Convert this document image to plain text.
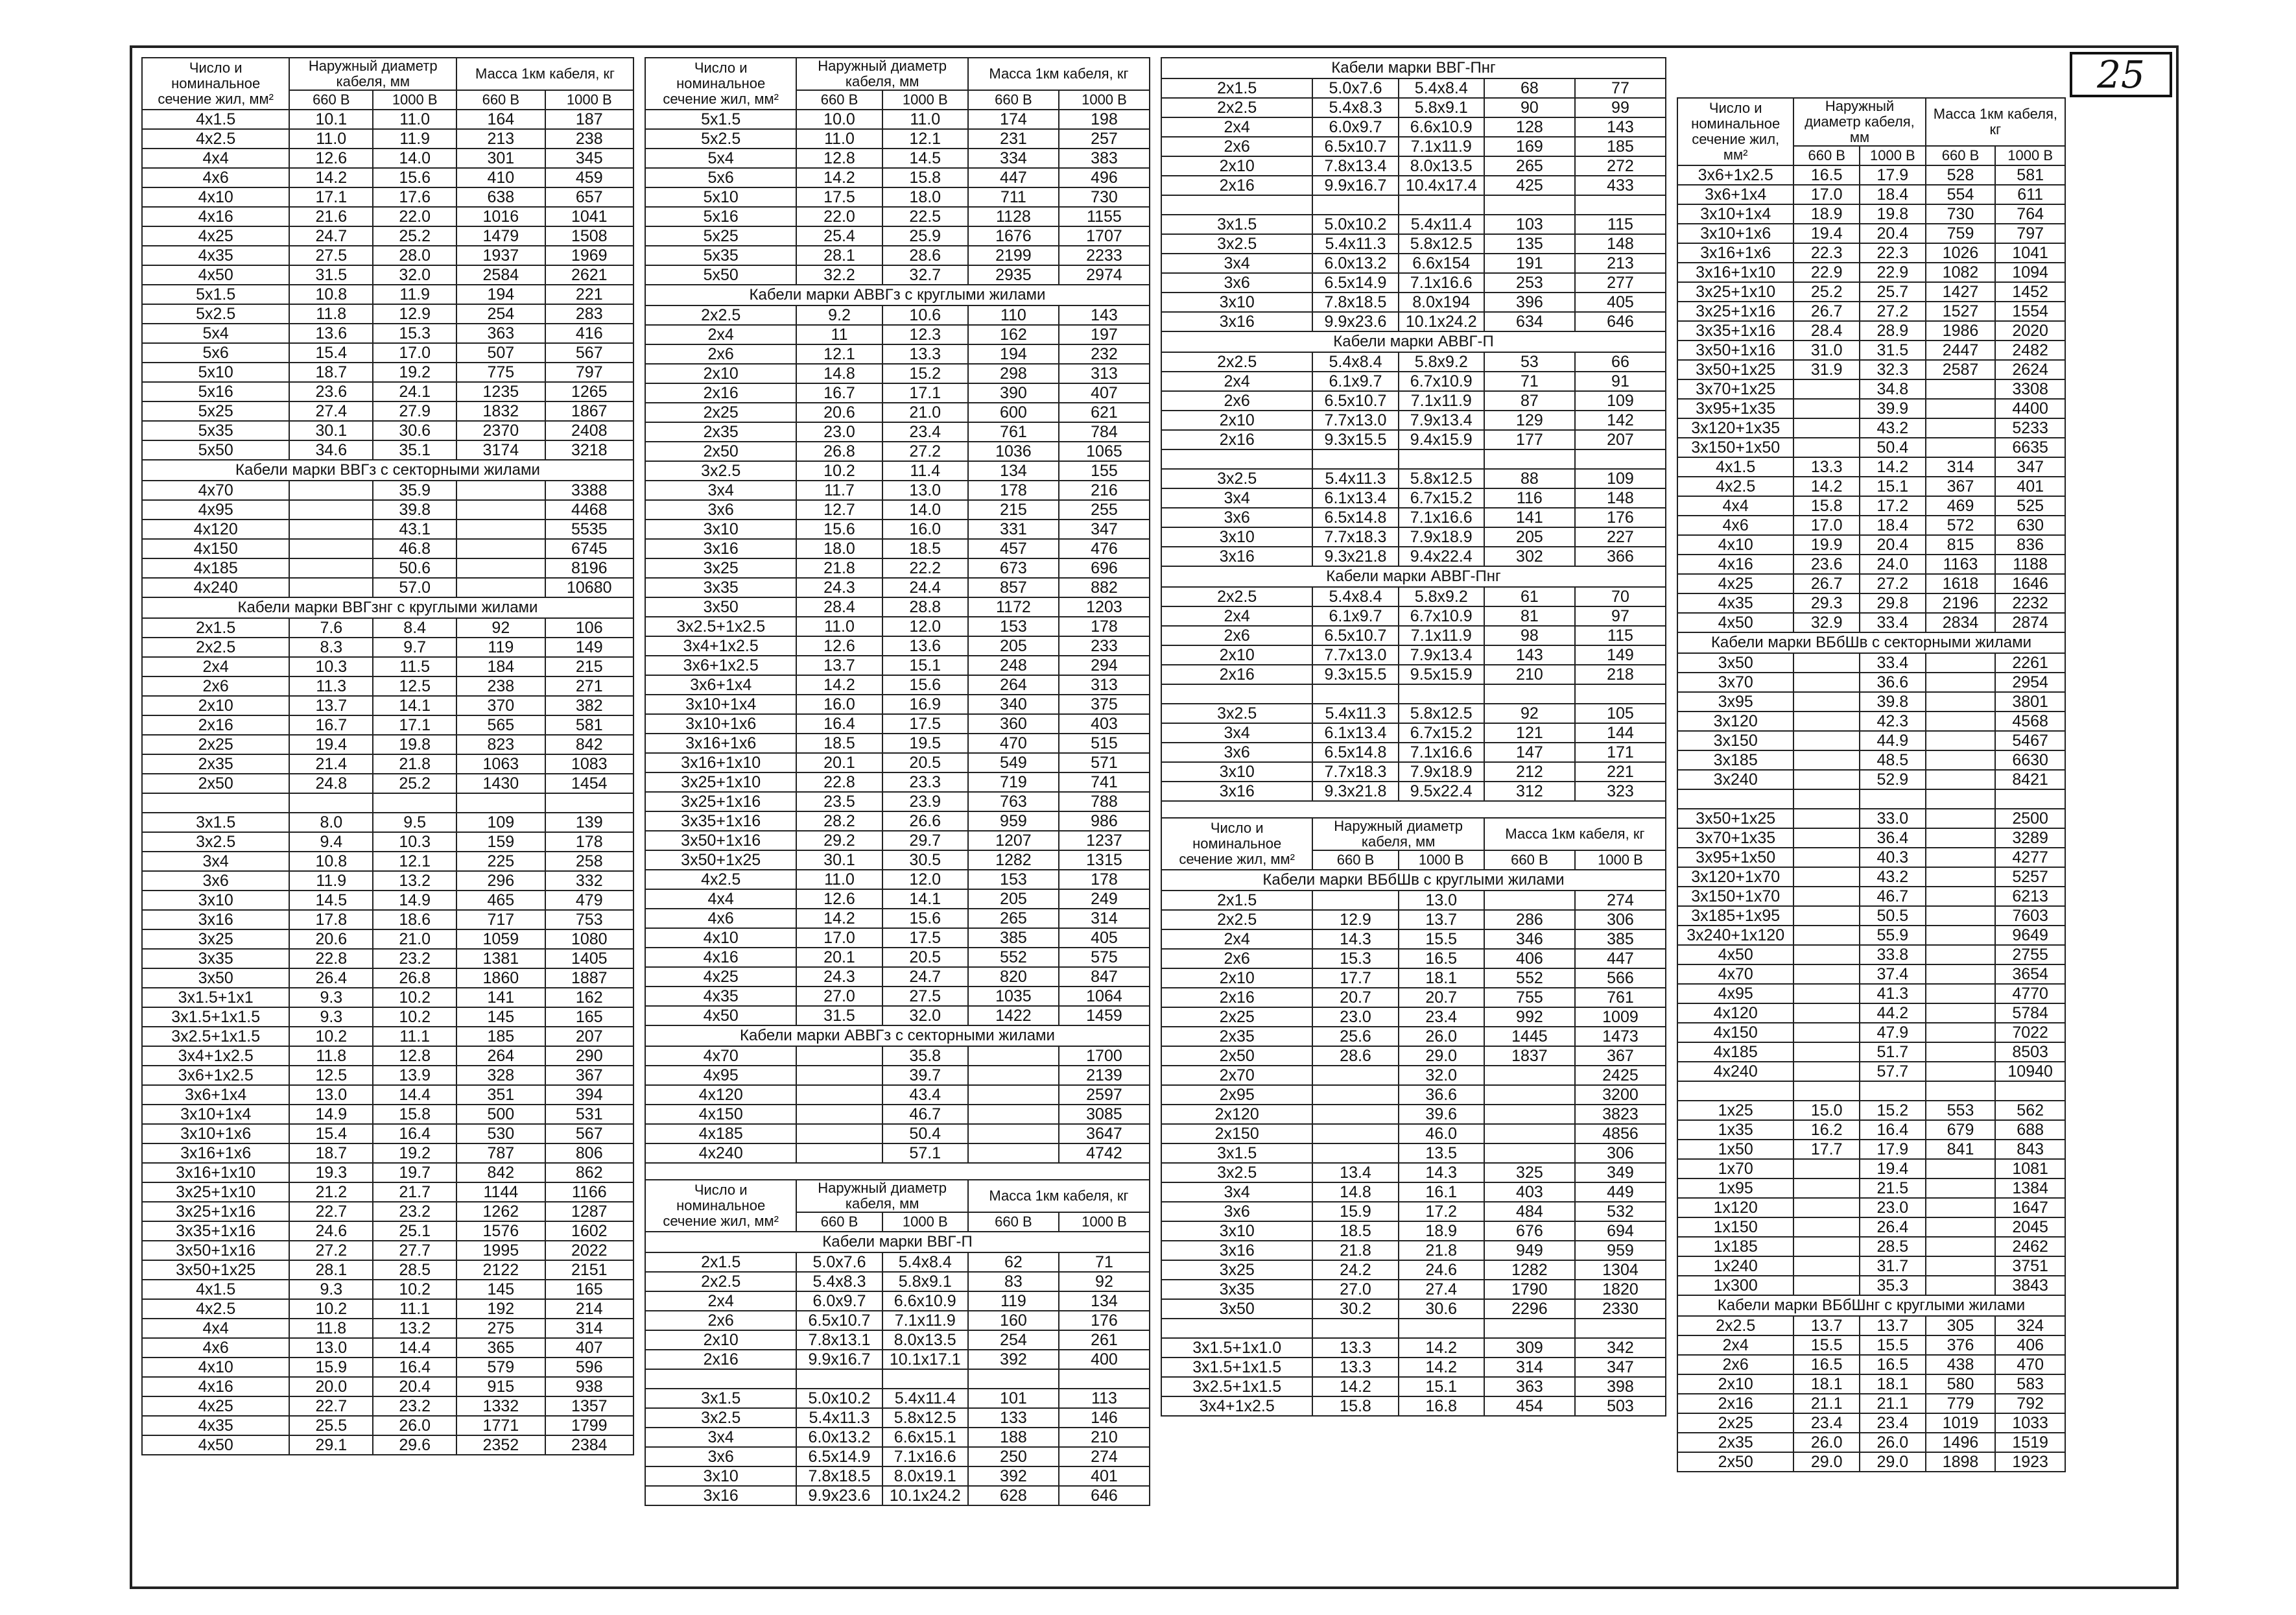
25
Число и номинальное сечение жил, мм²	Наружный диаметр кабеля, мм		Масса 1км кабеля, кг	
	660 В	1000 В	660 В	1000 В
4x1.5	10.1	11.0	164	187
4x2.5	11.0	11.9	213	238
4x4	12.6	14.0	301	345
4x6	14.2	15.6	410	459
4x10	17.1	17.6	638	657
4x16	21.6	22.0	1016	1041
4x25	24.7	25.2	1479	1508
4x35	27.5	28.0	1937	1969
4x50	31.5	32.0	2584	2621
5x1.5	10.8	11.9	194	221
5x2.5	11.8	12.9	254	283
5x4	13.6	15.3	363	416
5x6	15.4	17.0	507	567
5x10	18.7	19.2	775	797
5x16	23.6	24.1	1235	1265
5x25	27.4	27.9	1832	1867
5x35	30.1	30.6	2370	2408
5x50	34.6	35.1	3174	3218
Кабели марки ВВГз с секторными жилами				
4x70		35.9		3388
4x95		39.8		4468
4x120		43.1		5535
4x150		46.8		6745
4x185		50.6		8196
4x240		57.0		10680
Кабели марки ВВГзнг с круглыми жилами				
2x1.5	7.6	8.4	92	106
2x2.5	8.3	9.7	119	149
2x4	10.3	11.5	184	215
2x6	11.3	12.5	238	271
2x10	13.7	14.1	370	382
2x16	16.7	17.1	565	581
2x25	19.4	19.8	823	842
2x35	21.4	21.8	1063	1083
2x50	24.8	25.2	1430	1454

3x1.5	8.0	9.5	109	139
3x2.5	9.4	10.3	159	178
3x4	10.8	12.1	225	258
3x6	11.9	13.2	296	332
3x10	14.5	14.9	465	479
3x16	17.8	18.6	717	753
3x25	20.6	21.0	1059	1080
3x35	22.8	23.2	1381	1405
3x50	26.4	26.8	1860	1887
3x1.5+1x1	9.3	10.2	141	162
3x1.5+1x1.5	9.3	10.2	145	165
3x2.5+1x1.5	10.2	11.1	185	207
3x4+1x2.5	11.8	12.8	264	290
3x6+1x2.5	12.5	13.9	328	367
3x6+1x4	13.0	14.4	351	394
3x10+1x4	14.9	15.8	500	531
3x10+1x6	15.4	16.4	530	567
3x16+1x6	18.7	19.2	787	806
3x16+1x10	19.3	19.7	842	862
3x25+1x10	21.2	21.7	1144	1166
3x25+1x16	22.7	23.2	1262	1287
3x35+1x16	24.6	25.1	1576	1602
3x50+1x16	27.2	27.7	1995	2022
3x50+1x25	28.1	28.5	2122	2151
4x1.5	9.3	10.2	145	165
4x2.5	10.2	11.1	192	214
4x4	11.8	13.2	275	314
4x6	13.0	14.4	365	407
4x10	15.9	16.4	579	596
4x16	20.0	20.4	915	938
4x25	22.7	23.2	1332	1357
4x35	25.5	26.0	1771	1799
4x50	29.1	29.6	2352	2384
Число и номинальное сечение жил, мм²	Наружный диаметр кабеля, мм		Масса 1км кабеля, кг	
	660 В	1000 В	660 В	1000 В
5x1.5	10.0	11.0	174	198
5x2.5	11.0	12.1	231	257
5x4	12.8	14.5	334	383
5x6	14.2	15.8	447	496
5x10	17.5	18.0	711	730
5x16	22.0	22.5	1128	1155
5x25	25.4	25.9	1676	1707
5x35	28.1	28.6	2199	2233
5x50	32.2	32.7	2935	2974
Кабели марки АВВГз с круглыми жилами				
2x2.5	9.2	10.6	110	143
2x4	11	12.3	162	197
2x6	12.1	13.3	194	232
2x10	14.8	15.2	298	313
2x16	16.7	17.1	390	407
2x25	20.6	21.0	600	621
2x35	23.0	23.4	761	784
2x50	26.8	27.2	1036	1065
3x2.5	10.2	11.4	134	155
3x4	11.7	13.0	178	216
3x6	12.7	14.0	215	255
3x10	15.6	16.0	331	347
3x16	18.0	18.5	457	476
3x25	21.8	22.2	673	696
3x35	24.3	24.4	857	882
3x50	28.4	28.8	1172	1203
3x2.5+1x2.5	11.0	12.0	153	178
3x4+1x2.5	12.6	13.6	205	233
3x6+1x2.5	13.7	15.1	248	294
3x6+1x4	14.2	15.6	264	313
3x10+1x4	16.0	16.9	340	375
3x10+1x6	16.4	17.5	360	403
3x16+1x6	18.5	19.5	470	515
3x16+1x10	20.1	20.5	549	571
3x25+1x10	22.8	23.3	719	741
3x25+1x16	23.5	23.9	763	788
3x35+1x16	28.2	26.6	959	986
3x50+1x16	29.2	29.7	1207	1237
3x50+1x25	30.1	30.5	1282	1315
4x2.5	11.0	12.0	153	178
4x4	12.6	14.1	205	249
4x6	14.2	15.6	265	314
4x10	17.0	17.5	385	405
4x16	20.1	20.5	552	575
4x25	24.3	24.7	820	847
4x35	27.0	27.5	1035	1064
4x50	31.5	32.0	1422	1459
Кабели марки АВВГз с секторными жилами				
4x70		35.8		1700
4x95		39.7		2139
4x120		43.4		2597
4x150		46.7		3085
4x185		50.4		3647
4x240		57.1		4742

Число и номинальное сечение жил, мм²	Наружный диаметр кабеля, мм		Масса 1км кабеля, кг	
	660 В	1000 В	660 В	1000 В
Кабели марки ВВГ-П				
2x1.5	5.0x7.6	5.4x8.4	62	71
2x2.5	5.4x8.3	5.8x9.1	83	92
2x4	6.0x9.7	6.6x10.9	119	134
2x6	6.5x10.7	7.1x11.9	160	176
2x10	7.8x13.1	8.0x13.5	254	261
2x16	9.9x16.7	10.1x17.1	392	400

3x1.5	5.0x10.2	5.4x11.4	101	113
3x2.5	5.4x11.3	5.8x12.5	133	146
3x4	6.0x13.2	6.6x15.1	188	210
3x6	6.5x14.9	7.1x16.6	250	274
3x10	7.8x18.5	8.0x19.1	392	401
3x16	9.9x23.6	10.1x24.2	628	646
Кабели марки ВВГ-Пнг				
2x1.5	5.0x7.6	5.4x8.4	68	77
2x2.5	5.4x8.3	5.8x9.1	90	99
2x4	6.0x9.7	6.6x10.9	128	143
2x6	6.5x10.7	7.1x11.9	169	185
2x10	7.8x13.4	8.0x13.5	265	272
2x16	9.9x16.7	10.4x17.4	425	433

3x1.5	5.0x10.2	5.4x11.4	103	115
3x2.5	5.4x11.3	5.8x12.5	135	148
3x4	6.0x13.2	6.6x154	191	213
3x6	6.5x14.9	7.1x16.6	253	277
3x10	7.8x18.5	8.0x194	396	405
3x16	9.9x23.6	10.1x24.2	634	646
Кабели марки АВВГ-П				
2x2.5	5.4x8.4	5.8x9.2	53	66
2x4	6.1x9.7	6.7x10.9	71	91
2x6	6.5x10.7	7.1x11.9	87	109
2x10	7.7x13.0	7.9x13.4	129	142
2x16	9.3x15.5	9.4x15.9	177	207

3x2.5	5.4x11.3	5.8x12.5	88	109
3x4	6.1x13.4	6.7x15.2	116	148
3x6	6.5x14.8	7.1x16.6	141	176
3x10	7.7x18.3	7.9x18.9	205	227
3x16	9.3x21.8	9.4x22.4	302	366
Кабели марки АВВГ-Пнг				
2x2.5	5.4x8.4	5.8x9.2	61	70
2x4	6.1x9.7	6.7x10.9	81	97
2x6	6.5x10.7	7.1x11.9	98	115
2x10	7.7x13.0	7.9x13.4	143	149
2x16	9.3x15.5	9.5x15.9	210	218

3x2.5	5.4x11.3	5.8x12.5	92	105
3x4	6.1x13.4	6.7x15.2	121	144
3x6	6.5x14.8	7.1x16.6	147	171
3x10	7.7x18.3	7.9x18.9	212	221
3x16	9.3x21.8	9.5x22.4	312	323

Число и номинальное сечение жил, мм²	Наружный диаметр кабеля, мм		Масса 1км кабеля, кг	
	660 В	1000 В	660 В	1000 В
Кабели марки ВБбШв с круглыми жилами				
2x1.5		13.0		274
2x2.5	12.9	13.7	286	306
2x4	14.3	15.5	346	385
2x6	15.3	16.5	406	447
2x10	17.7	18.1	552	566
2x16	20.7	20.7	755	761
2x25	23.0	23.4	992	1009
2x35	25.6	26.0	1445	1473
2x50	28.6	29.0	1837	367
2x70		32.0		2425
2x95		36.6		3200
2x120		39.6		3823
2x150		46.0		4856
3x1.5		13.5		306
3x2.5	13.4	14.3	325	349
3x4	14.8	16.1	403	449
3x6	15.9	17.2	484	532
3x10	18.5	18.9	676	694
3x16	21.8	21.8	949	959
3x25	24.2	24.6	1282	1304
3x35	27.0	27.4	1790	1820
3x50	30.2	30.6	2296	2330

3x1.5+1x1.0	13.3	14.2	309	342
3x1.5+1x1.5	13.3	14.2	314	347
3x2.5+1x1.5	14.2	15.1	363	398
3x4+1x2.5	15.8	16.8	454	503
Число и номинальное сечение жил, мм²	Наружный диаметр кабеля, мм		Масса 1км кабеля, кг	
	660 В	1000 В	660 В	1000 В
3x6+1x2.5	16.5	17.9	528	581
3x6+1x4	17.0	18.4	554	611
3x10+1x4	18.9	19.8	730	764
3x10+1x6	19.4	20.4	759	797
3x16+1x6	22.3	22.3	1026	1041
3x16+1x10	22.9	22.9	1082	1094
3x25+1x10	25.2	25.7	1427	1452
3x25+1x16	26.7	27.2	1527	1554
3x35+1x16	28.4	28.9	1986	2020
3x50+1x16	31.0	31.5	2447	2482
3x50+1x25	31.9	32.3	2587	2624
3x70+1x25		34.8		3308
3x95+1x35		39.9		4400
3x120+1x35		43.2		5233
3x150+1x50		50.4		6635
4x1.5	13.3	14.2	314	347
4x2.5	14.2	15.1	367	401
4x4	15.8	17.2	469	525
4x6	17.0	18.4	572	630
4x10	19.9	20.4	815	836
4x16	23.6	24.0	1163	1188
4x25	26.7	27.2	1618	1646
4x35	29.3	29.8	2196	2232
4x50	32.9	33.4	2834	2874
Кабели марки ВБбШв с секторными жилами				
3x50		33.4		2261
3x70		36.6		2954
3x95		39.8		3801
3x120		42.3		4568
3x150		44.9		5467
3x185		48.5		6630
3x240		52.9		8421

3x50+1x25		33.0		2500
3x70+1x35		36.4		3289
3x95+1x50		40.3		4277
3x120+1x70		43.2		5257
3x150+1x70		46.7		6213
3x185+1x95		50.5		7603
3x240+1x120		55.9		9649
4x50		33.8		2755
4x70		37.4		3654
4x95		41.3		4770
4x120		44.2		5784
4x150		47.9		7022
4x185		51.7		8503
4x240		57.7		10940

1x25	15.0	15.2	553	562
1x35	16.2	16.4	679	688
1x50	17.7	17.9	841	843
1x70		19.4		1081
1x95		21.5		1384
1x120		23.0		1647
1x150		26.4		2045
1x185		28.5		2462
1x240		31.7		3751
1x300		35.3		3843
Кабели марки ВБбШнг с круглыми жилами				
2x2.5	13.7	13.7	305	324
2x4	15.5	15.5	376	406
2x6	16.5	16.5	438	470
2x10	18.1	18.1	580	583
2x16	21.1	21.1	779	792
2x25	23.4	23.4	1019	1033
2x35	26.0	26.0	1496	1519
2x50	29.0	29.0	1898	1923
